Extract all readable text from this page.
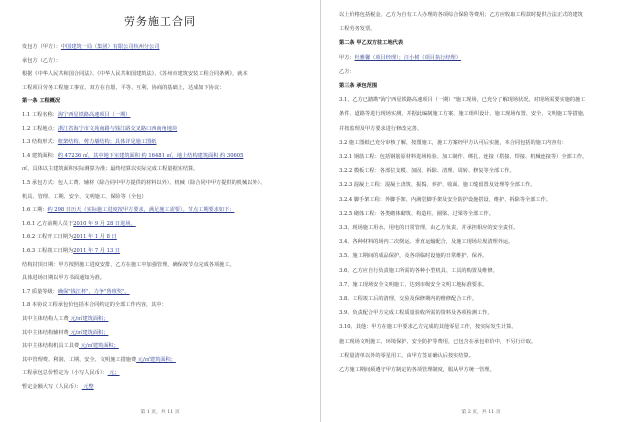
劳务施工合同
发包方（甲方）：中国建筑一局（集团）有限公司杭州分公司
承包方（乙方）：
根据《中华人民共和国合同法》、《中华人民共和国建筑法》、《苏州市建筑安装工程合同条例》，就本
工程项目劳务工程施工事宜，双方在自愿、平等、互利、协商的基础上，达成如下协议：
第一条 工程概况
1.1 工程名称：海宁西星铁路高速项目（一期）
1.2 工程地点：浙江省海宁市文苑南路与钱江路交叉路口西南角地块
1.3 结构形式：框架结构、剪力墙结构；具体详见施工图纸
1.4 建筑面积：约 47236 ㎡，其中地下室建筑面积 约 16481 ㎡，地上结构建筑面积 约 30605
㎡，具体以主建筑面积实际测算为准；最终结算以实际完成工程量据实结算。
1.5 承包方式：包人工费、辅材（除合同中甲方提供的材料以外）、机械（除合同中甲方提供的机械以外）、
机具、管理、工期、安全、文明施工、保险等（全包）
1.6 工期：约 298 日历天（实际施工进度按甲方要求，满足施工需要）。节点工期要求如下：
1.6.1 乙方前期人员于2010 年 9 月 28 日进场。
1.6.2 工程开工日期为2011 年 1 月 8 日
1.6.3 工程竣工日期为2011 年 7 月 13 日
结构封顶日期：甲方按照施工进度安排，乙方在施工中加强管理，确保按节点完成各项施工。
具体进场日期以甲方书面通知为准。
1.7 质量等级：确保"钱江杯"，力争"鲁班奖"。
1.8 本协议工程承包价包括本合同约定的全部工作内容，其中：
其中主体结构人工费 元/㎡建筑面积；
其中主体结构辅材费 元/㎡建筑面积；
其中主体结构机具工具费 元/㎡建筑面积；
其中管理费、利润、工期、安全、文明施工措施费 元/㎡建筑面积；
工程承包总价暂定为（小写人民币）： 元；
暂定金额大写（人民币）： 元整
第 1 页，共 11 页
以上价格包括税金。乙方为自有工人办理的各项综合保险等费用；乙方应收取工程款时提供合法正式的建筑
工程劳务发票。
第二条 甲乙双方驻工地代表
甲方：杜雅馨（项目经理）；汪小树（项目执行经理）
乙方：
第三条 承包范围
3.1、乙方已踏勘"海宁西星铁路高速项目（一期）"施工现场，已充分了解现场状况，对现场需要实施的施工
条件、道路等进行现场实测，并据此编制施工方案、施工组织设计、施工现场布置、安全、文明施工等措施，
并按监理及甲方要求进行修改完善。
3.2 施工图纸已充分审核了解，按图施工，施工方案经甲方认可后实施，本合同包括的施工内容有：
3.2.1 钢筋工程：包括钢筋原材料进场检验、加工制作、绑扎、连接（搭接、焊接、机械连接等）全部工作。
3.2.2 模板工程：各部位支模、加固、拆除、清理、周转、修复等全部工作。
3.2.3 混凝土工程：混凝土浇筑、振捣、养护、收面、施工缝留置及处理等全部工作。
3.2.4 脚手架工程：外脚手架、内满堂脚手架及安全防护设施搭设、维护、拆除等全部工作。
3.2.5 砌体工程：各类砌体砌筑、构造柱、圈梁、过梁等全部工作。
3.3、现场施工用水、用电的日常管理，由乙方负责，并承担相应的安全责任。
3.4、各种材料的场内二次倒运、垂直运输配合，及施工现场垃圾清理外运。
3.5、施工期间的成品保护，及各项临时设施的日常维护、保养。
3.6、乙方应自行负责施工所需的各种小型机具、工具的购置及维修。
3.7、施工现场安全文明施工，达到市级安全文明工地标准要求。
3.8、工程竣工后的清理、交验及保修期内的维修配合工作。
3.9、负责配合甲方完成工程质量验收所需的资料及各项检测工作。
3.10、其他：甲方在施工中要求乙方完成的其他零星工作，按实际发生计算。
施工现场文明施工、环境保护、安全防护等费用，已包含在承包单价中，不另行计取。
工程量清单以外的零星用工，由甲方签证确认后按实结算。
乙方施工期间须遵守甲方制定的各项管理制度，服从甲方统一管理。
第 2 页，共 11 页
